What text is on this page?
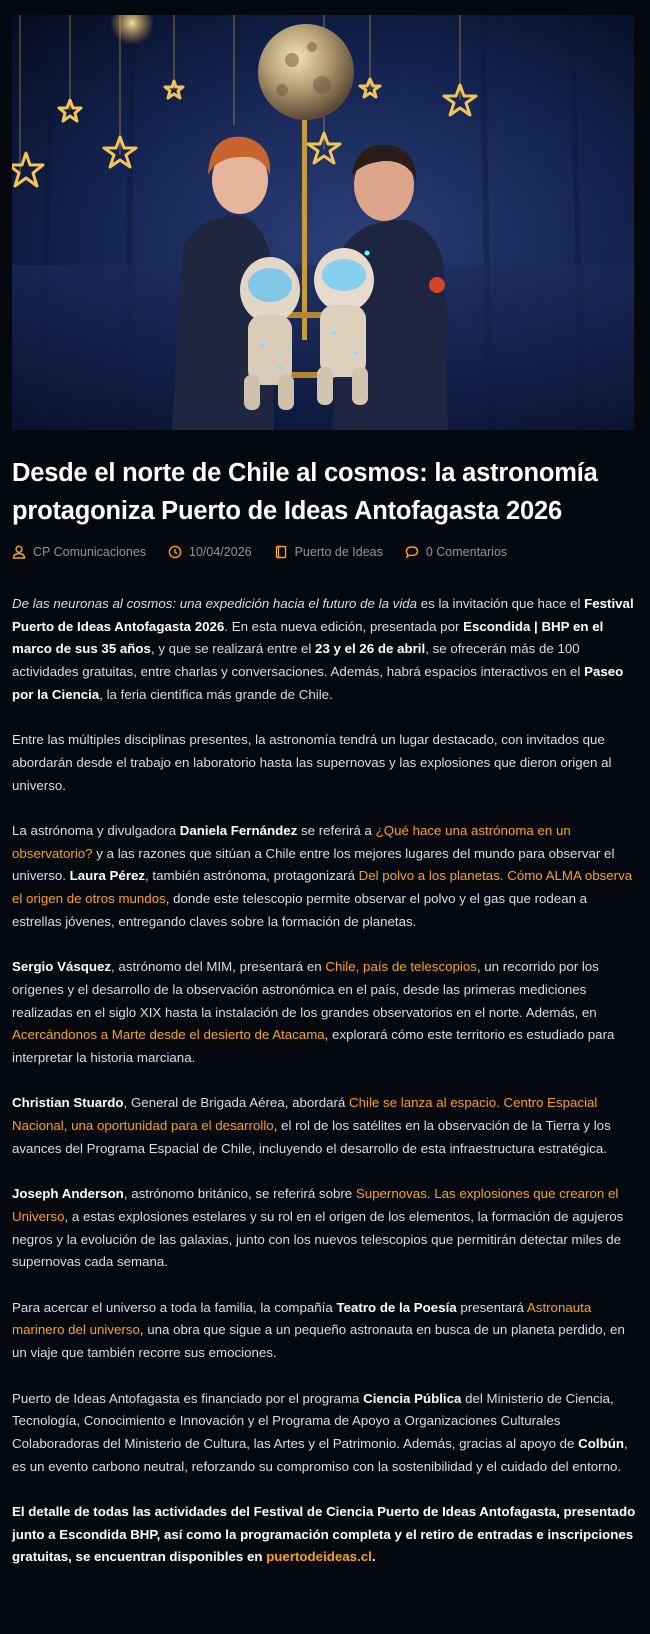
Desde el norte de Chile al cosmos: la astronomía protagoniza Puerto de Ideas Antofagasta 2026
CP Comunicaciones	10/04/2026	Puerto de Ideas	0 Comentarios

De las neuronas al cosmos: una expedición hacia el futuro de la vida es la invitación que hace el Festival Puerto de Ideas Antofagasta 2026. En esta nueva edición, presentada por Escondida | BHP en el marco de sus 35 años, y que se realizará entre el 23 y el 26 de abril, se ofrecerán más de 100 actividades gratuitas, entre charlas y conversaciones. Además, habrá espacios interactivos en el Paseo por la Ciencia, la feria científica más grande de Chile.

Entre las múltiples disciplinas presentes, la astronomía tendrá un lugar destacado, con invitados que abordarán desde el trabajo en laboratorio hasta las supernovas y las explosiones que dieron origen al universo.

La astrónoma y divulgadora Daniela Fernández se referirá a ¿Qué hace una astrónoma en un observatorio? y a las razones que sitúan a Chile entre los mejores lugares del mundo para observar el universo. Laura Pérez, también astrónoma, protagonizará Del polvo a los planetas. Cómo ALMA observa el origen de otros mundos, donde este telescopio permite observar el polvo y el gas que rodean a estrellas jóvenes, entregando claves sobre la formación de planetas.

Sergio Vásquez, astrónomo del MIM, presentará en Chile, país de telescopios, un recorrido por los orígenes y el desarrollo de la observación astronómica en el país, desde las primeras mediciones realizadas en el siglo XIX hasta la instalación de los grandes observatorios en el norte. Además, en Acercándonos a Marte desde el desierto de Atacama, explorará cómo este territorio es estudiado para interpretar la historia marciana.

Christian Stuardo, General de Brigada Aérea, abordará Chile se lanza al espacio. Centro Espacial Nacional, una oportunidad para el desarrollo, el rol de los satélites en la observación de la Tierra y los avances del Programa Espacial de Chile, incluyendo el desarrollo de esta infraestructura estratégica.

Joseph Anderson, astrónomo británico, se referirá sobre Supernovas. Las explosiones que crearon el Universo, a estas explosiones estelares y su rol en el origen de los elementos, la formación de agujeros negros y la evolución de las galaxias, junto con los nuevos telescopios que permitirán detectar miles de supernovas cada semana.

Para acercar el universo a toda la familia, la compañía Teatro de la Poesía presentará Astronauta marinero del universo, una obra que sigue a un pequeño astronauta en busca de un planeta perdido, en un viaje que también recorre sus emociones.

Puerto de Ideas Antofagasta es financiado por el programa Ciencia Pública del Ministerio de Ciencia, Tecnología, Conocimiento e Innovación y el Programa de Apoyo a Organizaciones Culturales Colaboradoras del Ministerio de Cultura, las Artes y el Patrimonio. Además, gracias al apoyo de Colbún, es un evento carbono neutral, reforzando su compromiso con la sostenibilidad y el cuidado del entorno.

El detalle de todas las actividades del Festival de Ciencia Puerto de Ideas Antofagasta, presentado junto a Escondida BHP, así como la programación completa y el retiro de entradas e inscripciones gratuitas, se encuentran disponibles en puertodeideas.cl.
